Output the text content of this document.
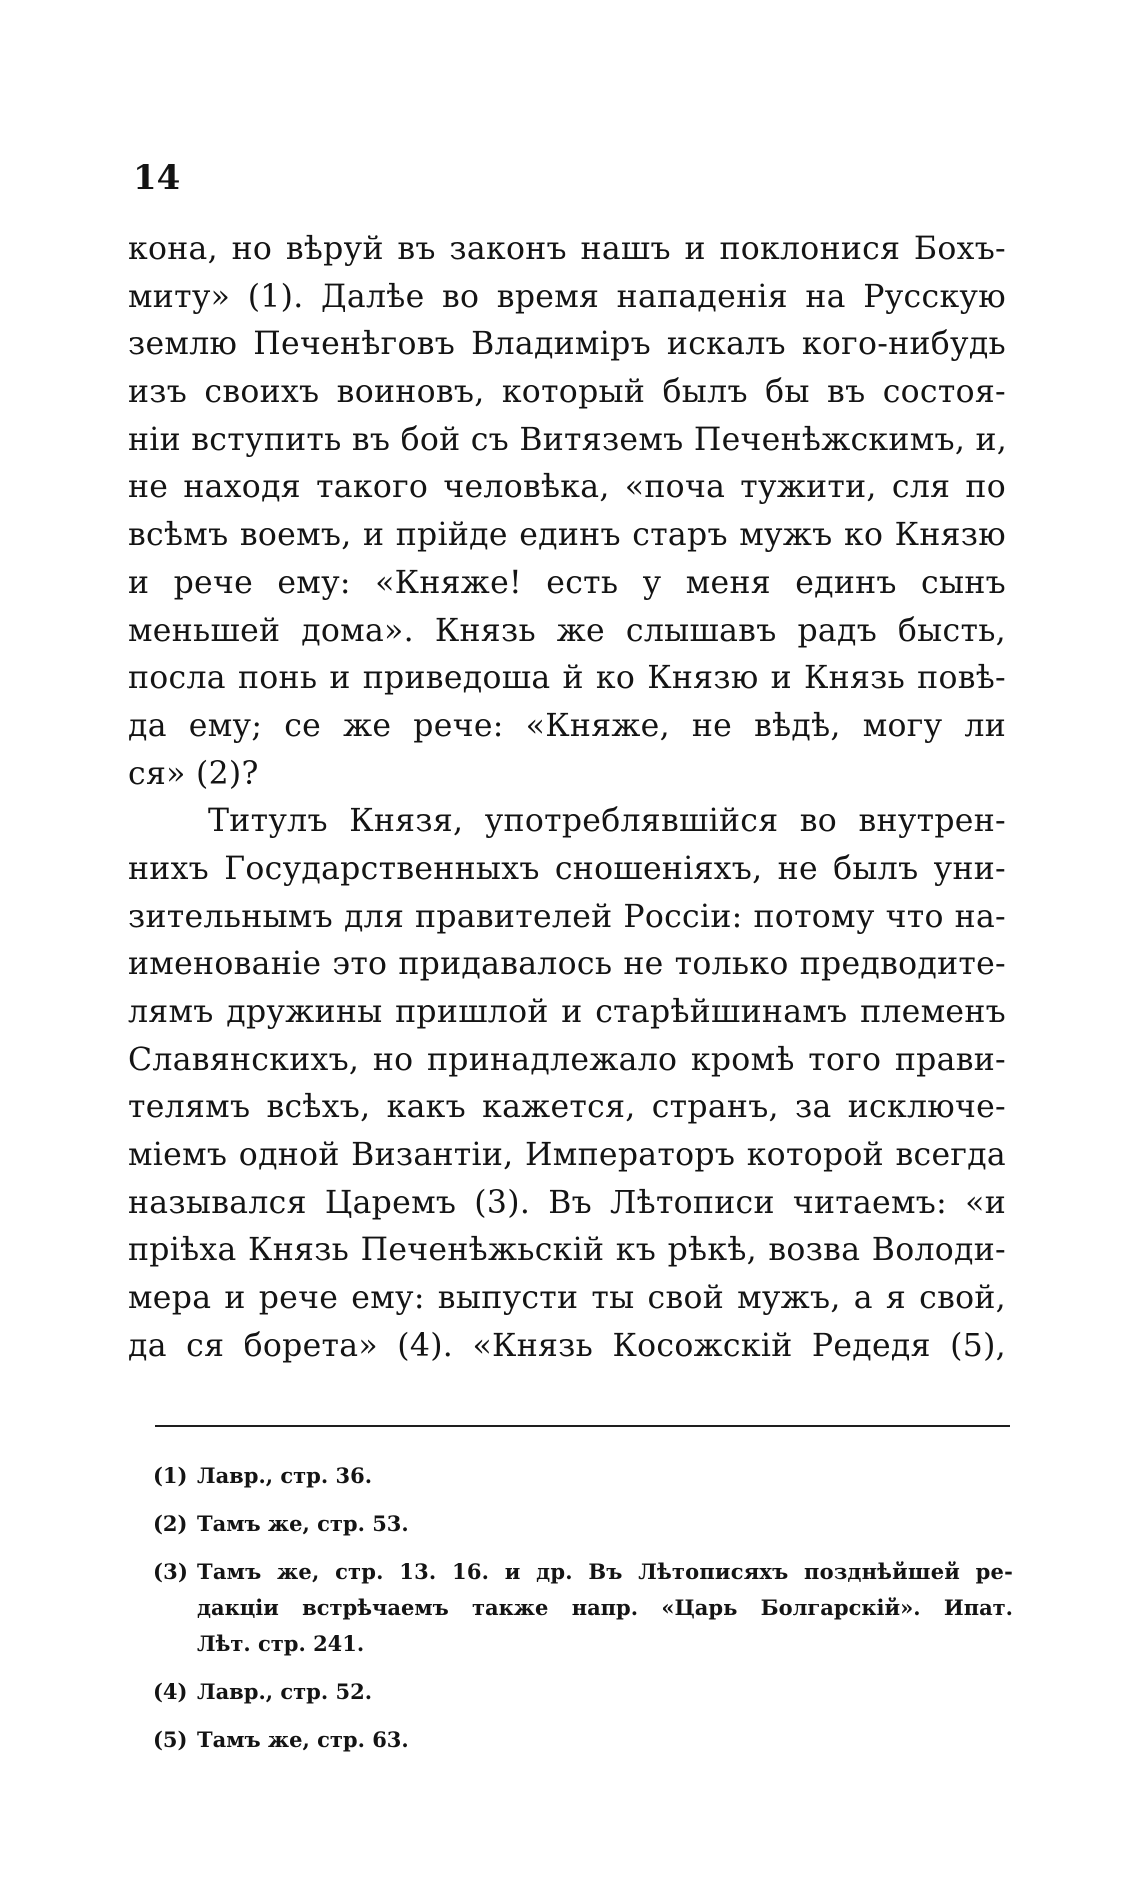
14
кона, но вѣруй въ законъ нашъ и поклонися Бохъ-
миту» (1). Далѣе во время нападенія на Русскую
землю Печенѣговъ Владиміръ искалъ кого-нибудь
изъ своихъ воиновъ, который былъ бы въ состоя-
ніи вступить въ бой съ Витяземъ Печенѣжскимъ, и,
не находя такого человѣка, «поча тужити, сля по
всѣмъ воемъ, и прійде единъ старъ мужъ ко Князю
и рече ему: «Княже! есть у меня единъ сынъ
меньшей дома». Князь же слышавъ радъ бысть,
посла понь и приведоша й ко Князю и Князь повѣ-
да ему; се же рече: «Княже, не вѣдѣ, могу ли
ся» (2)?
Титулъ Князя, употреблявшійся во внутрен-
нихъ Государственныхъ сношеніяхъ, не былъ уни-
зительнымъ для правителей Россіи: потому что на-
именованіе это придавалось не только предводите-
лямъ дружины пришлой и старѣйшинамъ племенъ
Славянскихъ, но принадлежало кромѣ того прави-
телямъ всѣхъ, какъ кажется, странъ, за исключе-
міемъ одной Византіи, Императоръ которой всегда
назывался Царемъ (3). Въ Лѣтописи читаемъ: «и
пріѣха Князь Печенѣжьскій къ рѣкѣ, возва Володи-
мера и рече ему: выпусти ты свой мужъ, а я свой,
да ся борета» (4). «Князь Косожскій Редедя (5),
(1) Лавр., стр. 36.
(2) Тамъ же, стр. 53.
(3) Тамъ же, стр. 13. 16. и др. Въ Лѣтописяхъ позднѣйшей ре-
дакціи встрѣчаемъ также напр. «Царь Болгарскій». Ипат.
Лѣт. стр. 241.
(4) Лавр., стр. 52.
(5) Тамъ же, стр. 63.
